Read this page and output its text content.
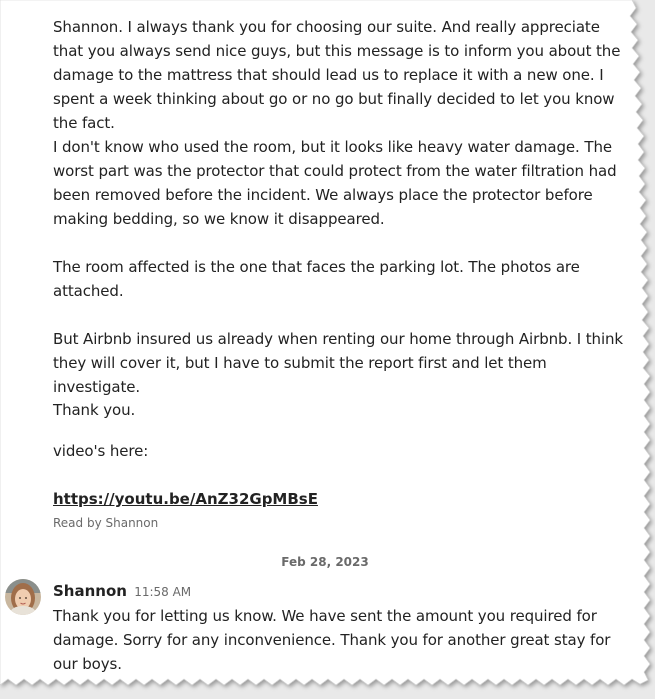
Shannon. I always thank you for choosing our suite. And really appreciate that you always send nice guys, but this message is to inform you about the damage to the mattress that should lead us to replace it with a new one. I spent a week thinking about go or no go but finally decided to let you know the fact.
I don't know who used the room, but it looks like heavy water damage. The worst part was the protector that could protect from the water filtration had been removed before the incident. We always place the protector before making bedding, so we know it disappeared.
The room affected is the one that faces the parking lot. The photos are attached.
But Airbnb insured us already when renting our home through Airbnb. I think they will cover it, but I have to submit the report first and let them investigate.
Thank you.
video's here:
https://youtu.be/AnZ32GpMBsE
Read by Shannon
Feb 28, 2023
Shannon 11:58 AM
Thank you for letting us know. We have sent the amount you required for damage. Sorry for any inconvenience. Thank you for another great stay for our boys.
